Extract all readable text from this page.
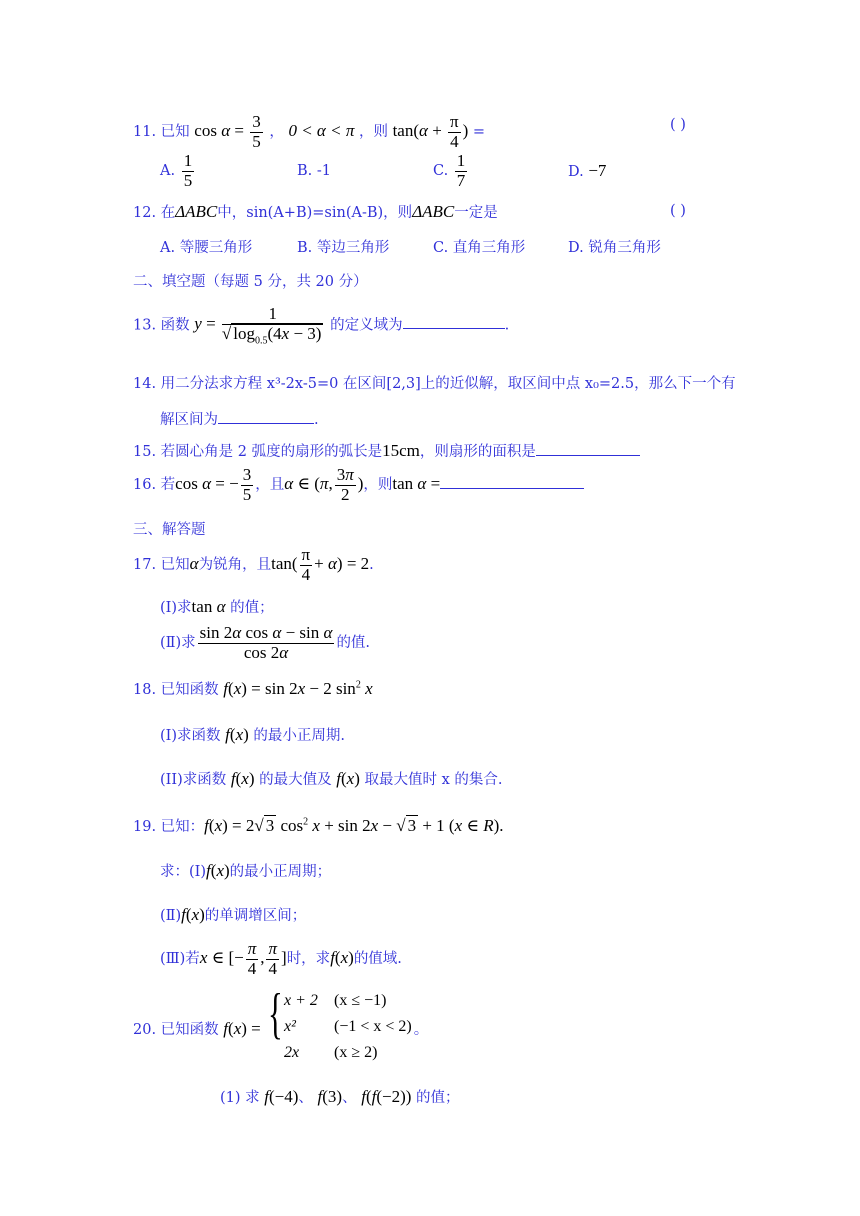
11. 已知 $\cos \alpha = \frac{3}{5}$ ， 0 < α < π ，则 $\tan(\alpha + \frac{\pi}{4}$ ) =	( )
A. $\frac{1}{5}$	B. -1	C. $\frac{1}{7}$	D. −7
12. 在ΔABC中，sin(A+B)=sin(A-B)，则ΔABC一定是	( )
A. 等腰三角形	B. 等边三角形	C. 直角三角形	D. 锐角三角形
二、填空题（每题 5 分，共 20 分）
13. 函数 $y = \frac{1}{√ \log_{0.5}(4x - 3)}$ 的定义域为	.
14. 用二分法求方程 x³-2x-5=0 在区间[2,3]上的近似解，取区间中点 x₀=2.5，那么下一个有
解区间为	.
15. 若圆心角是 2 弧度的扇形的弧长是15cm，则扇形的面积是
16. 若cos α = − $\frac{3}{5}$ ，且α ∈ (π, $\frac{3\pi}{2}$ )，则tan α =
三、解答题
17. 已知α为锐角，且$\tan( \frac{\pi}{4} + \alpha) = 2$.
(Ⅰ)求tan α 的值；
(Ⅱ)求 $\frac{\text{sin 2α cos α − sin α}}{\cos 2\alpha}$ 的值.
18. 已知函数 f(x) = sin 2x − 2 $\sin^2 x$
(I)求函数 f(x) 的最小正周期.
(II)求函数 f(x) 的最大值及 f(x) 取最大值时 x 的集合.
19. 已知：f(x) = 2√ 3 $\cos^2 x + \sin 2x$ − √ 3 + 1 (x ∈ R).
求：(Ⅰ)f(x)的最小正周期；
(Ⅱ)f(x)的单调增区间；
(Ⅲ)若x ∈ [− $\frac{\pi}{4}$ , $\frac{\pi}{4}$ ]时，求f(x)的值域.
20. 已知函数 f(x) = { x + 2	(x ≤ −1)
x²	(−1 < x < 2) 。
2x	(x ≥ 2)
(1) 求 f(−4)、 f(3)、 f(f(−2)) 的值；
